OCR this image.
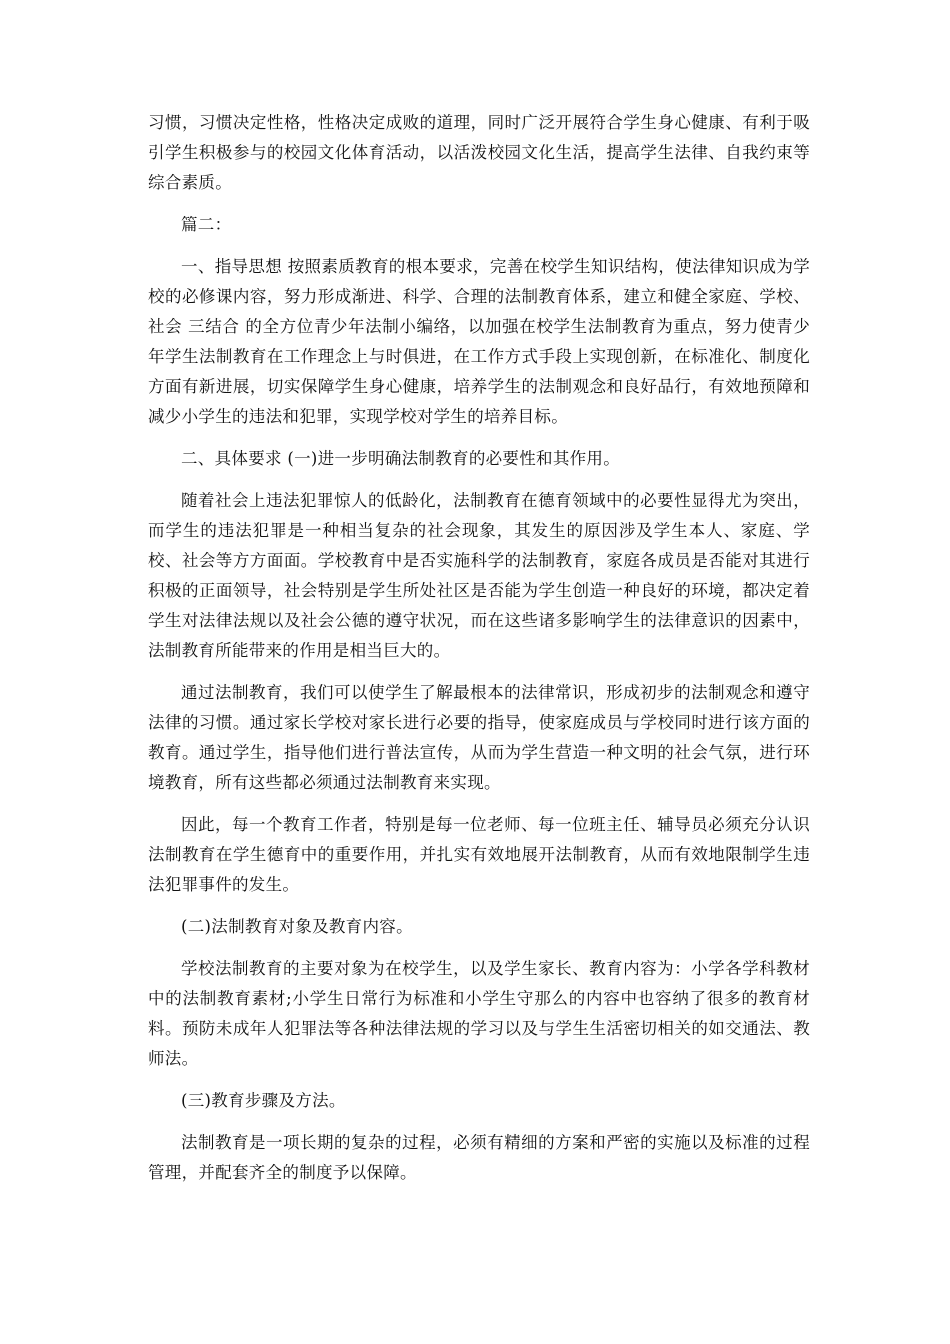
习惯，习惯决定性格，性格决定成败的道理，同时广泛开展符合学生身心健康、有利于吸引学生积极参与的校园文化体育活动，以活泼校园文化生活，提高学生法律、自我约束等综合素质。

篇二：

一、指导思想 按照素质教育的根本要求，完善在校学生知识结构，使法律知识成为学校的必修课内容，努力形成渐进、科学、合理的法制教育体系，建立和健全家庭、学校、社会 三结合 的全方位青少年法制小编络，以加强在校学生法制教育为重点，努力使青少年学生法制教育在工作理念上与时俱进，在工作方式手段上实现创新，在标准化、制度化方面有新进展，切实保障学生身心健康，培养学生的法制观念和良好品行，有效地预障和减少小学生的违法和犯罪，实现学校对学生的培养目标。

二、具体要求 (一)进一步明确法制教育的必要性和其作用。

随着社会上违法犯罪惊人的低龄化，法制教育在德育领域中的必要性显得尤为突出，而学生的违法犯罪是一种相当复杂的社会现象，其发生的原因涉及学生本人、家庭、学校、社会等方方面面。学校教育中是否实施科学的法制教育，家庭各成员是否能对其进行积极的正面领导，社会特别是学生所处社区是否能为学生创造一种良好的环境，都决定着学生对法律法规以及社会公德的遵守状况，而在这些诸多影响学生的法律意识的因素中，法制教育所能带来的作用是相当巨大的。

通过法制教育，我们可以使学生了解最根本的法律常识，形成初步的法制观念和遵守法律的习惯。通过家长学校对家长进行必要的指导，使家庭成员与学校同时进行该方面的教育。通过学生，指导他们进行普法宣传，从而为学生营造一种文明的社会气氛，进行环境教育，所有这些都必须通过法制教育来实现。

因此，每一个教育工作者，特别是每一位老师、每一位班主任、辅导员必须充分认识法制教育在学生德育中的重要作用，并扎实有效地展开法制教育，从而有效地限制学生违法犯罪事件的发生。

(二)法制教育对象及教育内容。

学校法制教育的主要对象为在校学生，以及学生家长、教育内容为：小学各学科教材中的法制教育素材;小学生日常行为标准和小学生守那么的内容中也容纳了很多的教育材料。预防未成年人犯罪法等各种法律法规的学习以及与学生生活密切相关的如交通法、教师法。

(三)教育步骤及方法。

法制教育是一项长期的复杂的过程，必须有精细的方案和严密的实施以及标准的过程管理，并配套齐全的制度予以保障。
